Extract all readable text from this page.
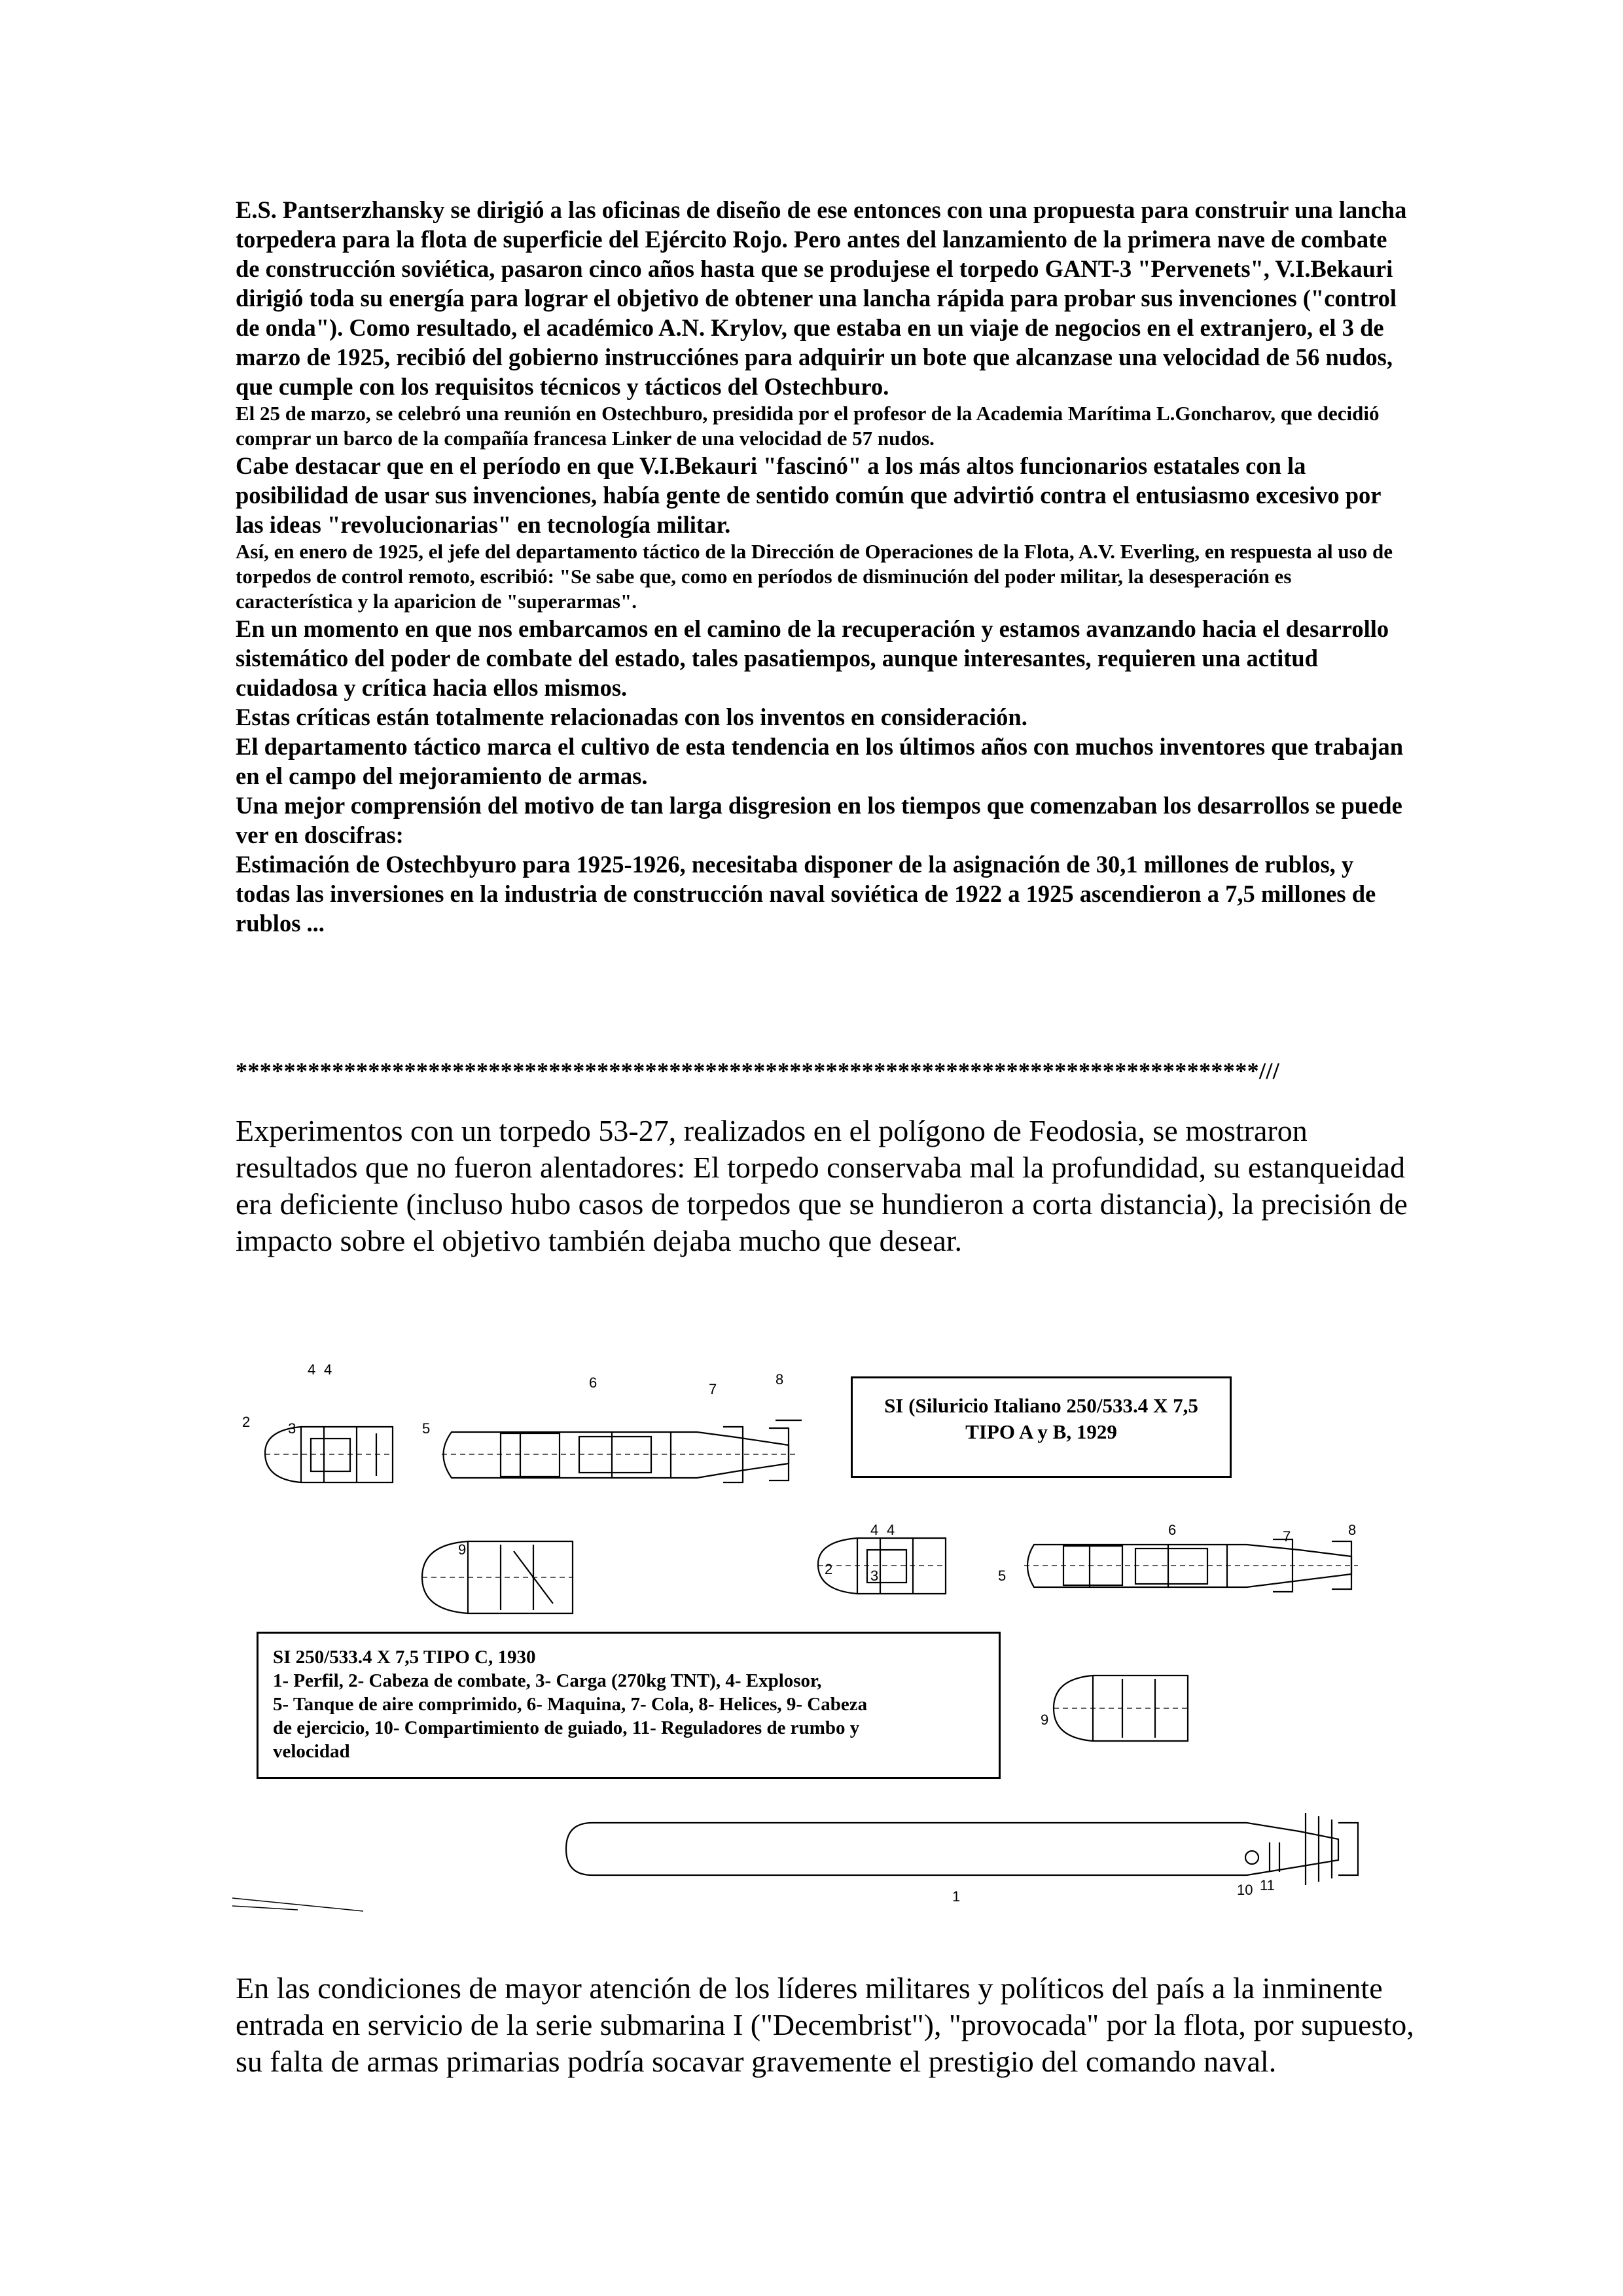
E.S. Pantserzhansky se dirigió a las oficinas de diseño de ese entonces con una propuesta para construir una lancha torpedera para la flota de superficie del Ejército Rojo. Pero antes del lanzamiento de la primera nave de combate de construcción soviética, pasaron cinco años hasta que se produjese el torpedo GANT-3 "Pervenets", V.I.Bekauri dirigió toda su energía para lograr el objetivo de obtener una lancha rápida para probar sus invenciones ("control de onda"). Como resultado, el académico A.N. Krylov, que estaba en un viaje de negocios en el extranjero, el 3 de marzo de 1925, recibió del gobierno instrucciónes para adquirir un bote que alcanzase una velocidad de 56 nudos, que cumple con los requisitos técnicos y tácticos del Ostechburo.

El 25 de marzo, se celebró una reunión en Ostechburo, presidida por el profesor de la Academia Marítima L.Goncharov, que decidió comprar un barco de la compañía francesa Linker de una velocidad de 57 nudos.

Cabe destacar que en el período en que V.I.Bekauri "fascinó" a los más altos funcionarios estatales con la posibilidad de usar sus invenciones, había gente de sentido común que advirtió contra el entusiasmo excesivo por las ideas "revolucionarias" en tecnología militar.

Así, en enero de 1925, el jefe del departamento táctico de la Dirección de Operaciones de la Flota, A.V. Everling, en respuesta al uso de torpedos de control remoto, escribió: "Se sabe que, como en períodos de disminución del poder militar, la desesperación es característica y la aparicion de "superarmas".

En un momento en que nos embarcamos en el camino de la recuperación y estamos avanzando hacia el desarrollo sistemático del poder de combate del estado, tales pasatiempos, aunque interesantes, requieren una actitud cuidadosa y crítica hacia ellos mismos.

Estas críticas están totalmente relacionadas con los inventos en consideración.

El departamento táctico marca el cultivo de esta tendencia en los últimos años con muchos inventores que trabajan en el campo del mejoramiento de armas.

Una mejor comprensión del motivo de tan larga disgresion en los tiempos que comenzaban los desarrollos se puede ver en doscifras:

Estimación de Ostechbyuro para 1925-1926, necesitaba disponer de la asignación de 30,1 millones de rublos, y todas las inversiones en la industria de construcción naval soviética de 1922 a 1925 ascendieron a 7,5 millones de rublos ...

*************************************************************************************///

Experimentos con un torpedo 53-27, realizados en el polígono de Feodosia, se mostraron resultados que no fueron alentadores: El torpedo conservaba mal la profundidad, su estanqueidad era deficiente (incluso hubo casos de torpedos que se hundieron a corta distancia), la precisión de impacto sobre el objetivo también dejaba mucho que desear.

4 4
2	3	5
6	7
8
9
4 4
2	3	5
6	7	8
9
1	10 11
SI (Siluricio Italiano 250/533.4 X 7,5
TIPO A y B, 1929
SI 250/533.4 X 7,5 TIPO C, 1930
1- Perfil, 2- Cabeza de combate, 3- Carga (270kg TNT), 4- Explosor,
5- Tanque de aire comprimido, 6- Maquina, 7- Cola, 8- Helices, 9- Cabeza
de ejercicio, 10- Compartimiento de guiado, 11- Reguladores de rumbo y
velocidad

En las condiciones de mayor atención de los líderes militares y políticos del país a la inminente entrada en servicio de la serie submarina I ("Decembrist"), "provocada" por la flota, por supuesto, su falta de armas primarias podría socavar gravemente el prestigio del comando naval.
